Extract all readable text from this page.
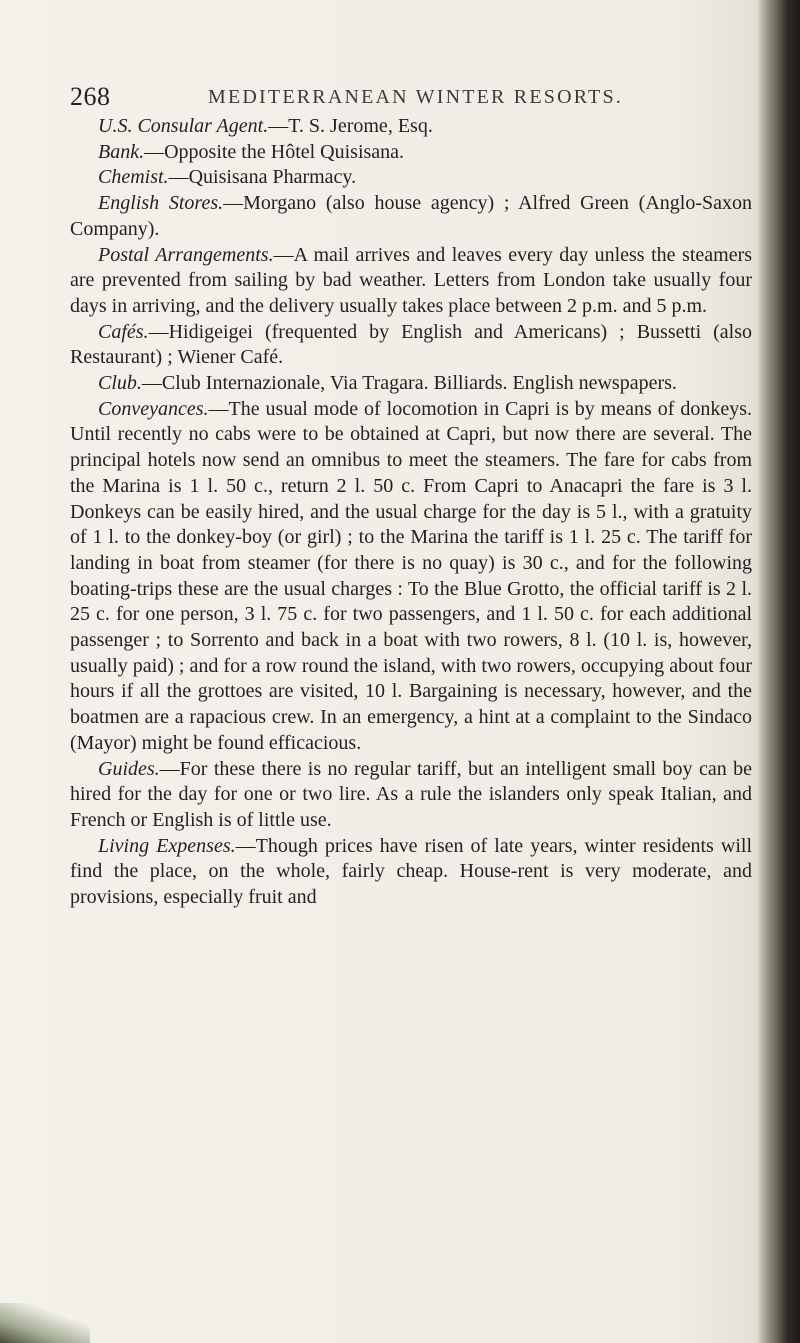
268	MEDITERRANEAN WINTER RESORTS.

U.S. Consular Agent.—T. S. Jerome, Esq.

Bank.—Opposite the Hôtel Quisisana.

Chemist.—Quisisana Pharmacy.

English Stores.—Morgano (also house agency) ; Alfred Green (Anglo-Saxon Company).

Postal Arrangements.—A mail arrives and leaves every day unless the steamers are prevented from sailing by bad weather. Letters from London take usually four days in arriving, and the delivery usually takes place between 2 p.m. and 5 p.m.

Cafés.—Hidigeigei (frequented by English and Americans) ; Bussetti (also Restaurant) ; Wiener Café.

Club.—Club Internazionale, Via Tragara. Billiards. English newspapers.

Conveyances.—The usual mode of locomotion in Capri is by means of donkeys. Until recently no cabs were to be obtained at Capri, but now there are several. The principal hotels now send an omnibus to meet the steamers. The fare for cabs from the Marina is 1 l. 50 c., return 2 l. 50 c. From Capri to Anacapri the fare is 3 l. Donkeys can be easily hired, and the usual charge for the day is 5 l., with a gratuity of 1 l. to the donkey-boy (or girl) ; to the Marina the tariff is 1 l. 25 c. The tariff for landing in boat from steamer (for there is no quay) is 30 c., and for the following boating-trips these are the usual charges : To the Blue Grotto, the official tariff is 2 l. 25 c. for one person, 3 l. 75 c. for two passengers, and 1 l. 50 c. for each additional passenger ; to Sorrento and back in a boat with two rowers, 8 l. (10 l. is, however, usually paid) ; and for a row round the island, with two rowers, occupying about four hours if all the grottoes are visited, 10 l. Bargaining is necessary, however, and the boatmen are a rapacious crew. In an emergency, a hint at a complaint to the Sindaco (Mayor) might be found efficacious.

Guides.—For these there is no regular tariff, but an intelligent small boy can be hired for the day for one or two lire. As a rule the islanders only speak Italian, and French or English is of little use.

Living Expenses.—Though prices have risen of late years, winter residents will find the place, on the whole, fairly cheap. House-rent is very moderate, and provisions, especially fruit and
